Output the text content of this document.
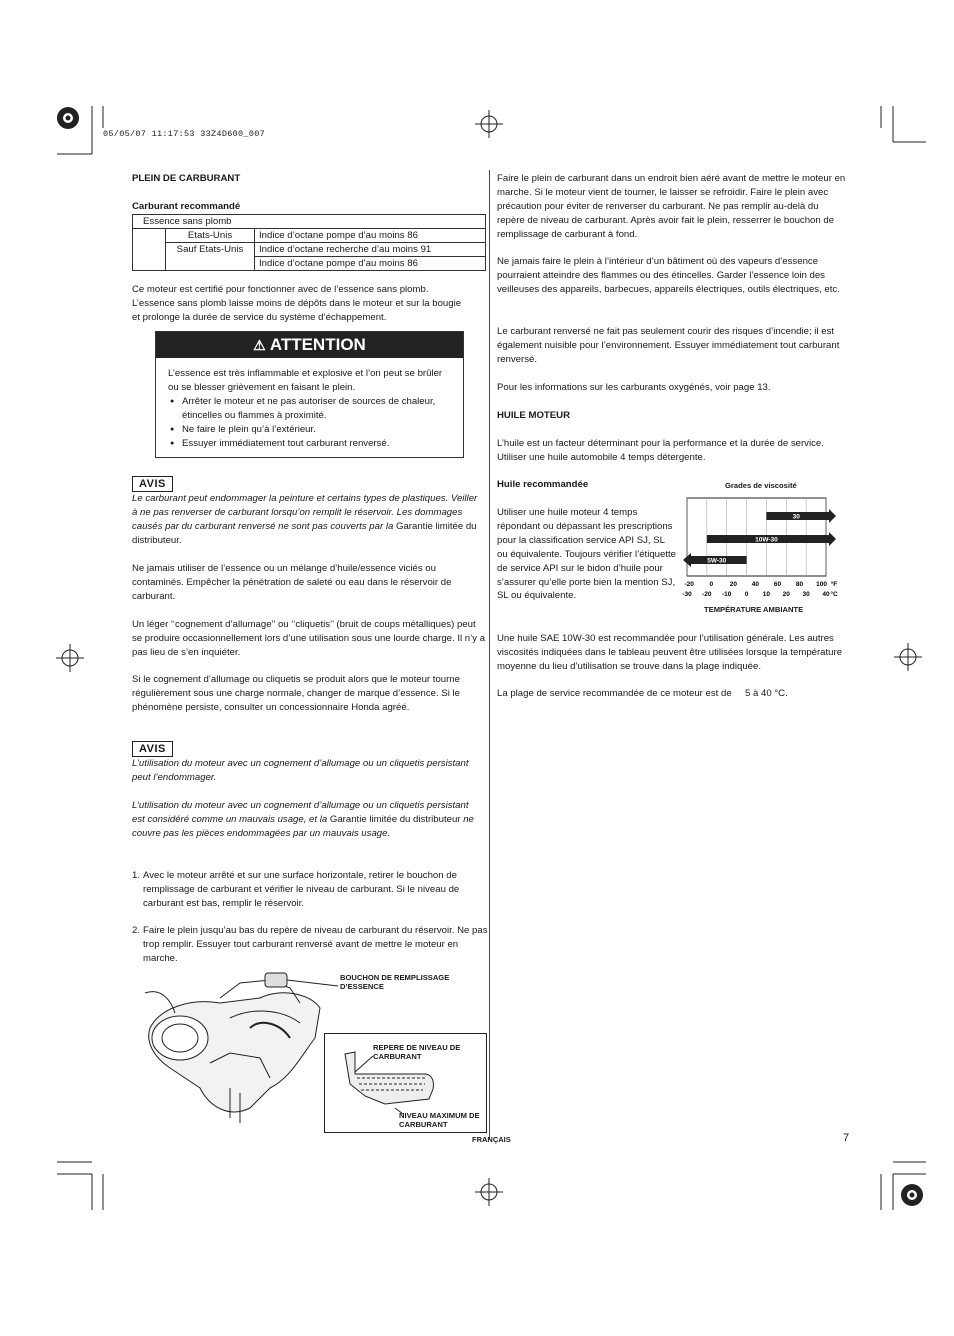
05/05/07 11:17:53 33Z4D600_007
PLEIN DE CARBURANT
Carburant recommandé
Essence sans plomb		
	Etats-Unis	Indice d’octane pompe d’au moins 86
	Sauf Etats-Unis	Indice d’octane recherche d’au moins 91
		Indice d’octane pompe d’au moins 86
Ce moteur est certifié pour fonctionner avec de l’essence sans plomb. L’essence sans plomb laisse moins de dépôts dans le moteur et sur la bougie et prolonge la durée de service du système d’échappement.
⚠ ATTENTION
L’essence est très inflammable et explosive et l’on peut se brûler ou se blesser grièvement en faisant le plein.
● Arrêter le moteur et ne pas autoriser de sources de chaleur, étincelles ou flammes à proximité.
● Ne faire le plein qu’à l’extérieur.
● Essuyer immédiatement tout carburant renversé.
AVIS
Le carburant peut endommager la peinture et certains types de plastiques. Veiller à ne pas renverser de carburant lorsqu’on remplit le réservoir. Les dommages causés par du carburant renversé ne sont pas couverts par la Garantie limitée du distributeur.
Ne jamais utiliser de l’essence ou un mélange d’huile/essence viciés ou contaminés. Empêcher la pénétration de saleté ou eau dans le réservoir de carburant.
Un léger ‘‘cognement d’allumage’’ ou ‘‘cliquetis’’ (bruit de coups métalliques) peut se produire occasionnellement lors d’une utilisation sous une lourde charge. Il n’y a pas lieu de s’en inquiéter.
Si le cognement d’allumage ou cliquetis se produit alors que le moteur tourne régulièrement sous une charge normale, changer de marque d’essence. Si le phénomène persiste, consulter un concessionnaire Honda agréé.
AVIS
L’utilisation du moteur avec un cognement d’allumage ou un cliquetis persistant peut l’endommager.
L’utilisation du moteur avec un cognement d’allumage ou un cliquetis persistant est considéré comme un mauvais usage, et la Garantie limitée du distributeur ne couvre pas les pièces endommagées par un mauvais usage.
1. Avec le moteur arrêté et sur une surface horizontale, retirer le bouchon de remplissage de carburant et vérifier le niveau de carburant. Si le niveau de carburant est bas, remplir le réservoir.
2. Faire le plein jusqu’au bas du repère de niveau de carburant du réservoir. Ne pas trop remplir. Essuyer tout carburant renversé avant de mettre le moteur en marche.
BOUCHON DE REMPLISSAGE D’ESSENCE
REPERE DE NIVEAU DE CARBURANT
NIVEAU MAXIMUM DE CARBURANT
Faire le plein de carburant dans un endroit bien aéré avant de mettre le moteur en marche. Si le moteur vient de tourner, le laisser se refroidir. Faire le plein avec précaution pour éviter de renverser du carburant. Ne pas remplir au-delà du repère de niveau de carburant. Après avoir fait le plein, resserrer le bouchon de remplissage de carburant à fond.
Ne jamais faire le plein à l’intérieur d’un bâtiment où des vapeurs d’essence pourraient atteindre des flammes ou des étincelles. Garder l’essence loin des veilleuses des appareils, barbecues, appareils électriques, outils électriques, etc.
Le carburant renversé ne fait pas seulement courir des risques d’incendie; il est également nuisible pour l’environnement. Essuyer immédiatement tout carburant renversé.
Pour les informations sur les carburants oxygénés, voir page 13.
HUILE MOTEUR
L’huile est un facteur déterminant pour la performance et la durée de service. Utiliser une huile automobile 4 temps détergente.
Huile recommandée
Utiliser une huile moteur 4 temps répondant ou dépassant les prescriptions pour la classification service API SJ, SL ou équivalente. Toujours vérifier l’étiquette de service API sur le bidon d’huile pour s’assurer qu’elle porte bien la mention SJ, SL ou équivalente.
Grades de viscosité
30
10W-30
5W-30
-20 0	20 40 60 80 100 °F
-30 -20 -10 0 10 20 30 40 °C
TEMPÉRATURE AMBIANTE
Une huile SAE 10W-30 est recommandée pour l’utilisation générale. Les autres viscosités indiquées dans le tableau peuvent être utilisées lorsque la température moyenne du lieu d’utilisation se trouve dans la plage indiquée.
La plage de service recommandée de ce moteur est de     5 à 40 °C.
FRANÇAIS	7
